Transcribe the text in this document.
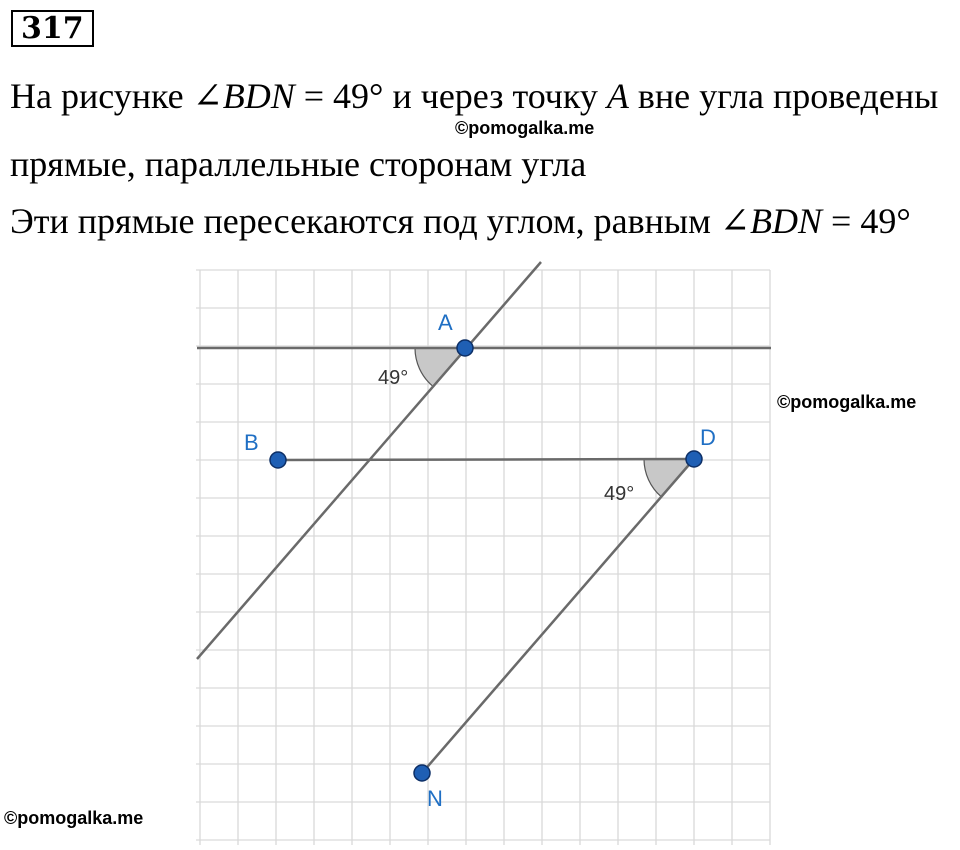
317
На рисунке ∠BDN = 49° и через точку A вне угла проведены
©pomogalka.me
прямые, параллельные сторонам угла
Эти прямые пересекаются под углом, равным ∠BDN = 49°
©pomogalka.me
©pomogalka.me
A
B	D
N
49°
49°
